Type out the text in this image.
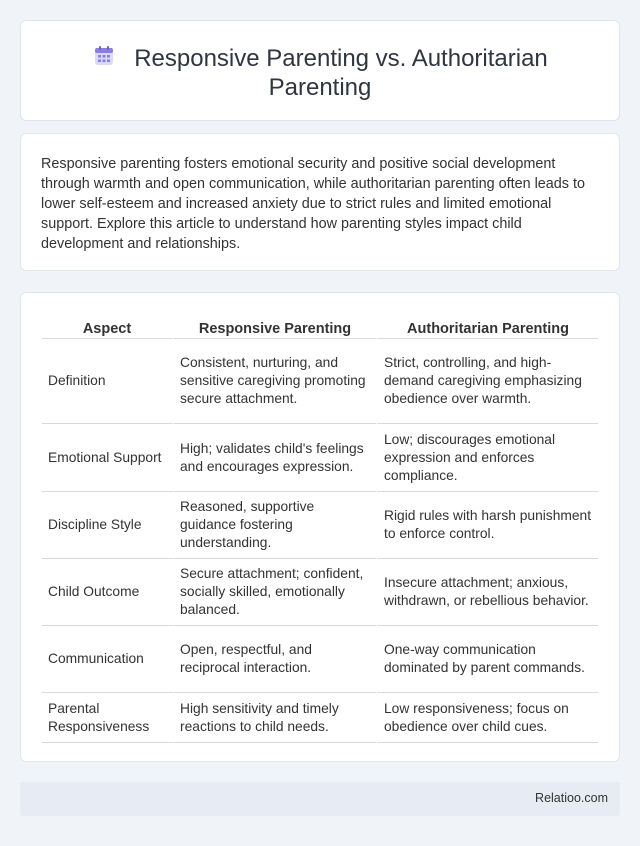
Responsive Parenting vs. Authoritarian Parenting

Responsive parenting fosters emotional security and positive social development through warmth and open communication, while authoritarian parenting often leads to lower self-esteem and increased anxiety due to strict rules and limited emotional support. Explore this article to understand how parenting styles impact child development and relationships.

Aspect	Responsive Parenting	Authoritarian Parenting
Definition	Consistent, nurturing, and sensitive caregiving promoting secure attachment.	Strict, controlling, and high-demand caregiving emphasizing obedience over warmth.
Emotional Support	High; validates child's feelings and encourages expression.	Low; discourages emotional expression and enforces compliance.
Discipline Style	Reasoned, supportive guidance fostering understanding.	Rigid rules with harsh punishment to enforce control.
Child Outcome	Secure attachment; confident, socially skilled, emotionally balanced.	Insecure attachment; anxious, withdrawn, or rebellious behavior.
Communication	Open, respectful, and reciprocal interaction.	One-way communication dominated by parent commands.
Parental Responsiveness	High sensitivity and timely reactions to child needs.	Low responsiveness; focus on obedience over child cues.
Relatioo.com
